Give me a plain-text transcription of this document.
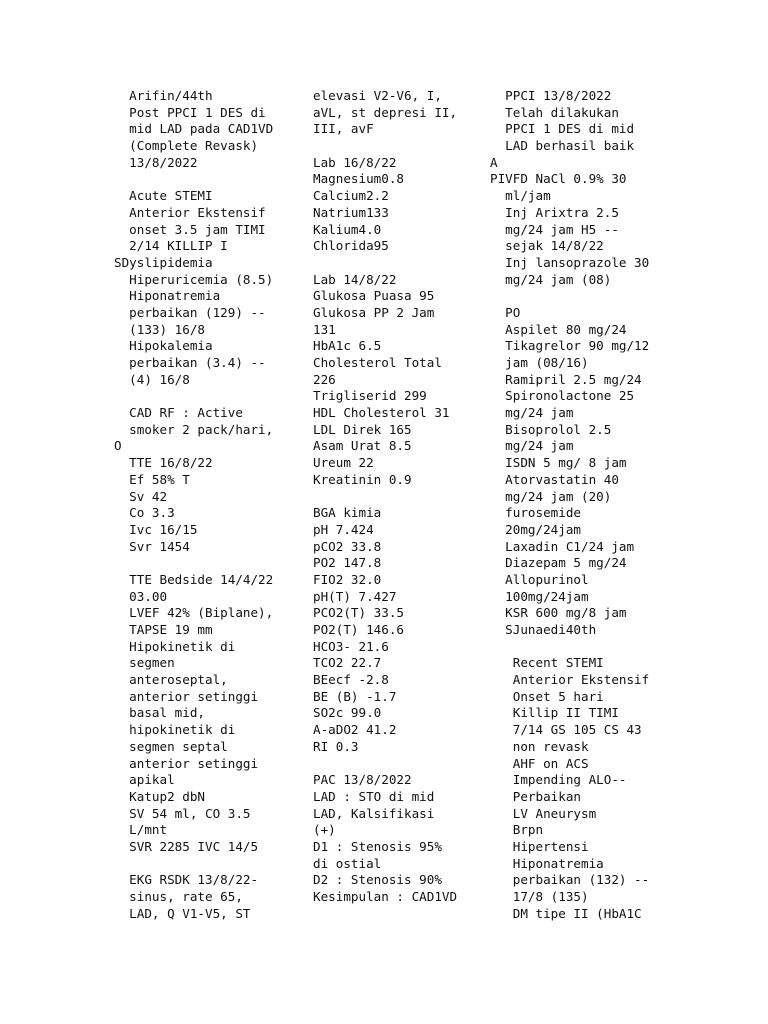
Arifin/44th
Post PPCI 1 DES di
mid LAD pada CAD1VD
(Complete Revask)
13/8/2022
Acute STEMI
Anterior Ekstensif
onset 3.5 jam TIMI
2/14 KILLIP I
SDyslipidemia
Hiperuricemia (8.5)
Hiponatremia
perbaikan (129) --
(133) 16/8
Hipokalemia
perbaikan (3.4) --
(4) 16/8
CAD RF : Active
smoker 2 pack/hari,
O
TTE 16/8/22
Ef 58% T
Sv 42
Co 3.3
Ivc 16/15
Svr 1454
TTE Bedside 14/4/22
03.00
LVEF 42% (Biplane),
TAPSE 19 mm
Hipokinetik di
segmen
anteroseptal,
anterior setinggi
basal mid,
hipokinetik di
segmen septal
anterior setinggi
apikal
Katup2 dbN
SV 54 ml, CO 3.5
L/mnt
SVR 2285 IVC 14/5
EKG RSDK 13/8/22-
sinus, rate 65,
LAD, Q V1-V5, ST
elevasi V2-V6, I,
aVL, st depresi II,
III, avF
Lab 16/8/22
Magnesium0.8
Calcium2.2
Natrium133
Kalium4.0
Chlorida95
Lab 14/8/22
Glukosa Puasa 95
Glukosa PP 2 Jam
131
HbA1c 6.5
Cholesterol Total
226
Trigliserid 299
HDL Cholesterol 31
LDL Direk 165
Asam Urat 8.5
Ureum 22
Kreatinin 0.9
BGA kimia
pH 7.424
pCO2 33.8
PO2 147.8
FIO2 32.0
pH(T) 7.427
PCO2(T) 33.5
PO2(T) 146.6
HCO3- 21.6
TCO2 22.7
BEecf -2.8
BE (B) -1.7
SO2c 99.0
A-aDO2 41.2
RI 0.3
PAC 13/8/2022
LAD : STO di mid
LAD, Kalsifikasi
(+)
D1 : Stenosis 95%
di ostial
D2 : Stenosis 90%
Kesimpulan : CAD1VD
PPCI 13/8/2022
Telah dilakukan
PPCI 1 DES di mid
LAD berhasil baik
A
PIVFD NaCl 0.9% 30
ml/jam
Inj Arixtra 2.5
mg/24 jam H5 --
sejak 14/8/22
Inj lansoprazole 30
mg/24 jam (08)
PO
Aspilet 80 mg/24
Tikagrelor 90 mg/12
jam (08/16)
Ramipril 2.5 mg/24
Spironolactone 25
mg/24 jam
Bisoprolol 2.5
mg/24 jam
ISDN 5 mg/ 8 jam
Atorvastatin 40
mg/24 jam (20)
furosemide
20mg/24jam
Laxadin C1/24 jam
Diazepam 5 mg/24
Allopurinol
100mg/24jam
KSR 600 mg/8 jam
SJunaedi40th
Recent STEMI
Anterior Ekstensif
Onset 5 hari
Killip II TIMI
7/14 GS 105 CS 43
non revask
AHF on ACS
Impending ALO--
Perbaikan
LV Aneurysm
Brpn
Hipertensi
Hiponatremia
perbaikan (132) --
17/8 (135)
DM tipe II (HbA1C
